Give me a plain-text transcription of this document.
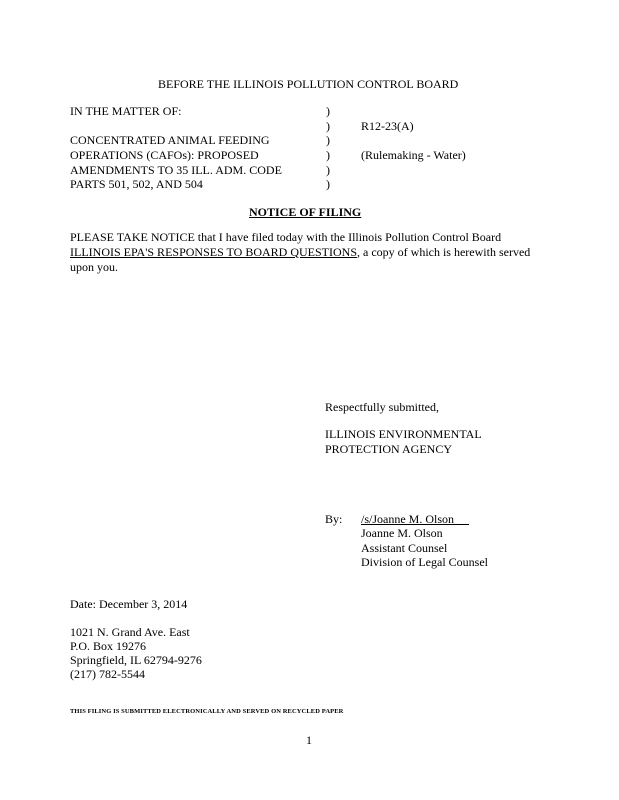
BEFORE THE ILLINOIS POLLUTION CONTROL BOARD
IN THE MATTER OF:
CONCENTRATED ANIMAL FEEDING
OPERATIONS (CAFOs): PROPOSED
AMENDMENTS TO 35 ILL. ADM. CODE
PARTS 501, 502, AND 504
)
)
)
)
)
)
R12-23(A)
(Rulemaking - Water)
NOTICE OF FILING
PLEASE TAKE NOTICE that I have filed today with the Illinois Pollution Control Board
ILLINOIS EPA'S RESPONSES TO BOARD QUESTIONS, a copy of which is herewith served
upon you.
Respectfully submitted,
ILLINOIS ENVIRONMENTAL
PROTECTION AGENCY
By: /s/Joanne M. Olson
Joanne M. Olson
Assistant Counsel
Division of Legal Counsel
Date: December 3, 2014
1021 N. Grand Ave. East
P.O. Box 19276
Springfield, IL 62794-9276
(217) 782-5544
THIS FILING IS SUBMITTED ELECTRONICALLY AND SERVED ON RECYCLED PAPER
1
